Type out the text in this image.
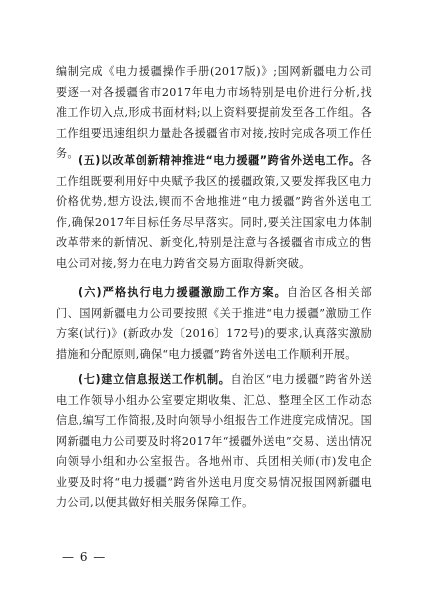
编制完成《电力援疆操作手册(2017版)》;国网新疆电力公司要逐一对各援疆省市2017年电力市场特别是电价进行分析,找准工作切入点,形成书面材料;以上资料要提前发至各工作组。各工作组要迅速组织力量赴各援疆省市对接,按时完成各项工作任务。
(五)以改革创新精神推进“电力援疆”跨省外送电工作。各工作组既要利用好中央赋予我区的援疆政策,又要发挥我区电力价格优势,想方设法,锲而不舍地推进“电力援疆”跨省外送电工作,确保2017年目标任务尽早落实。同时,要关注国家电力体制改革带来的新情况、新变化,特别是注意与各援疆省市成立的售电公司对接,努力在电力跨省交易方面取得新突破。
(六)严格执行电力援疆激励工作方案。自治区各相关部门、国网新疆电力公司要按照《关于推进“电力援疆”激励工作方案(试行)》(新政办发〔2016〕172号)的要求,认真落实激励措施和分配原则,确保“电力援疆”跨省外送电工作顺利开展。
(七)建立信息报送工作机制。自治区“电力援疆”跨省外送电工作领导小组办公室要定期收集、汇总、整理全区工作动态信息,编写工作简报,及时向领导小组报告工作进度完成情况。国网新疆电力公司要及时将2017年“援疆外送电”交易、送出情况向领导小组和办公室报告。各地州市、兵团相关师(市)发电企业要及时将“电力援疆”跨省外送电月度交易情况报国网新疆电力公司,以便其做好相关服务保障工作。
— 6 —
